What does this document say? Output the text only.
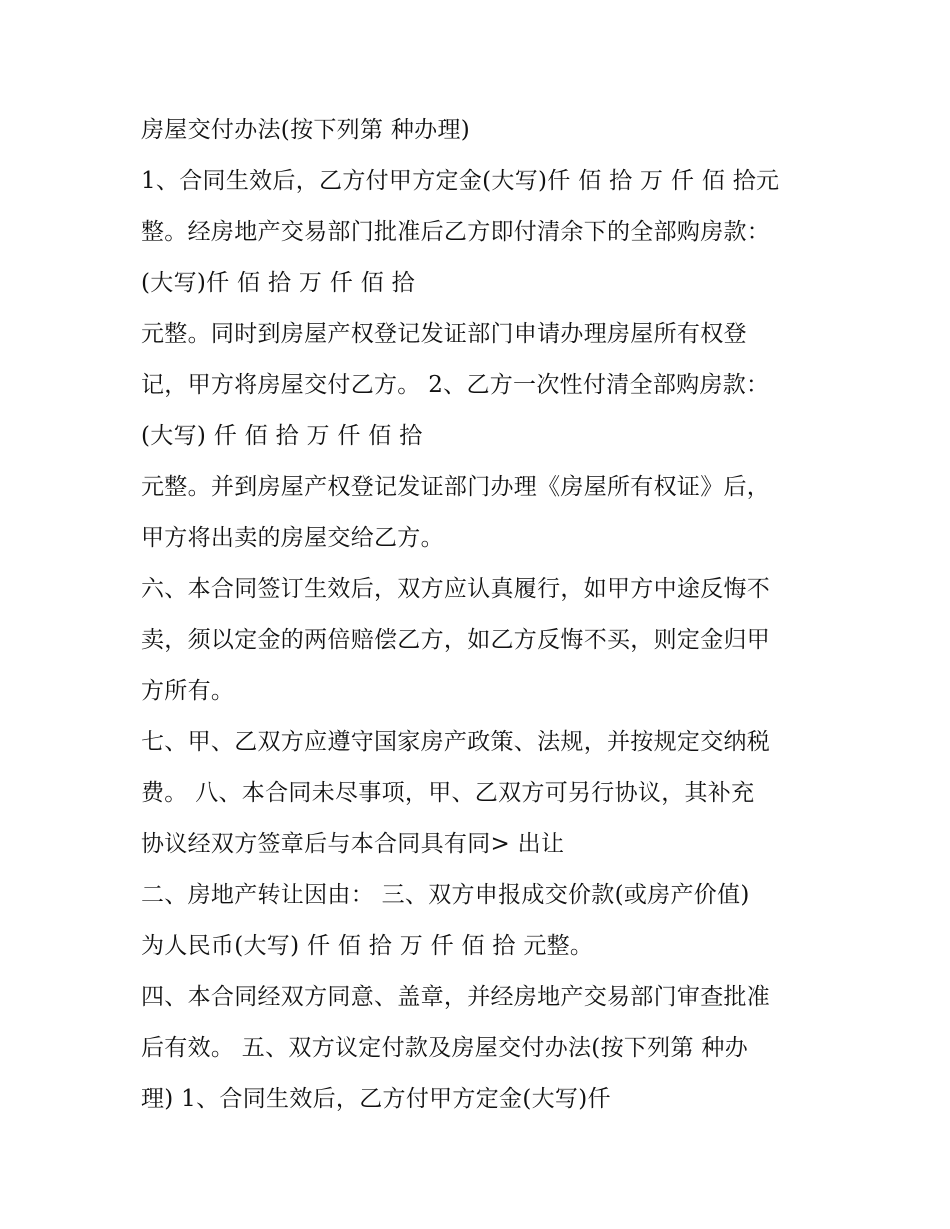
房屋交付办法(按下列第 种办理)
1、合同生效后，乙方付甲方定金(大写)仟 佰 拾 万 仟 佰 拾元
整。经房地产交易部门批准后乙方即付清余下的全部购房款：
(大写)仟 佰 拾 万 仟 佰 拾
元整。同时到房屋产权登记发证部门申请办理房屋所有权登
记，甲方将房屋交付乙方。 2、乙方一次性付清全部购房款：
(大写) 仟 佰 拾 万 仟 佰 拾
元整。并到房屋产权登记发证部门办理《房屋所有权证》后，
甲方将出卖的房屋交给乙方。
六、本合同签订生效后，双方应认真履行，如甲方中途反悔不
卖，须以定金的两倍赔偿乙方，如乙方反悔不买，则定金归甲
方所有。
七、甲、乙双方应遵守国家房产政策、法规，并按规定交纳税
费。 八、本合同未尽事项，甲、乙双方可另行协议，其补充
协议经双方签章后与本合同具有同> 出让
二、房地产转让因由： 三、双方申报成交价款(或房产价值)
为人民币(大写) 仟 佰 拾 万 仟 佰 拾 元整。
四、本合同经双方同意、盖章，并经房地产交易部门审查批准
后有效。 五、双方议定付款及房屋交付办法(按下列第 种办
理) 1、合同生效后，乙方付甲方定金(大写)仟
